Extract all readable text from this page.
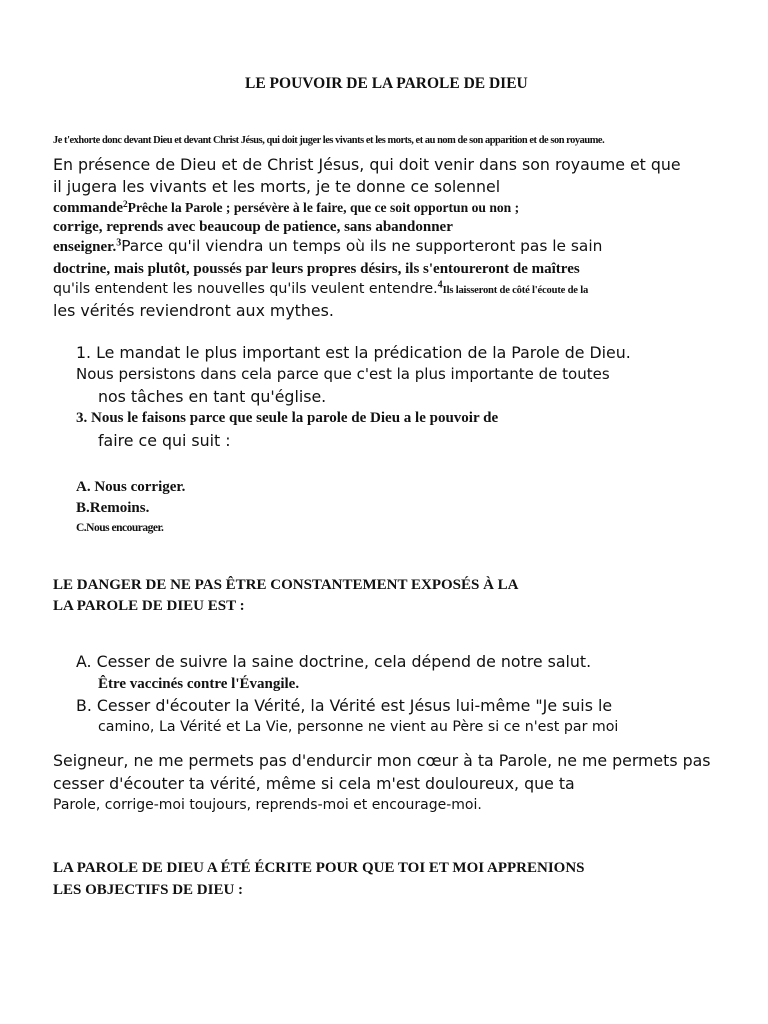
LE POUVOIR DE LA PAROLE DE DIEU
Je t'exhorte donc devant Dieu et devant Christ Jésus, qui doit juger les vivants et les morts, et au nom de son apparition et de son royaume.
En présence de Dieu et de Christ Jésus, qui doit venir dans son royaume et que
il jugera les vivants et les morts, je te donne ce solennel
commande$^2$Prêche la Parole ; persévère à le faire, que ce soit opportun ou non ;
corrige, reprends avec beaucoup de patience, sans abandonner
enseigner.$^3$Parce qu'il viendra un temps où ils ne supporteront pas le sain
doctrine, mais plutôt, poussés par leurs propres désirs, ils s'entoureront de maîtres
qu'ils entendent les nouvelles qu'ils veulent entendre.$^4$Ils laisseront de côté l'écoute de la
les vérités reviendront aux mythes.
1. Le mandat le plus important est la prédication de la Parole de Dieu.
Nous persistons dans cela parce que c'est la plus importante de toutes
nos tâches en tant qu'église.
3. Nous le faisons parce que seule la parole de Dieu a le pouvoir de
faire ce qui suit :
A. Nous corriger.
B.Remoins.
C.Nous encourager.
LE DANGER DE NE PAS ÊTRE CONSTANTEMENT EXPOSÉS À LA
LA PAROLE DE DIEU EST :
A. Cesser de suivre la saine doctrine, cela dépend de notre salut.
Être vaccinés contre l'Évangile.
B. Cesser d'écouter la Vérité, la Vérité est Jésus lui-même "Je suis le
camino, La Vérité et La Vie, personne ne vient au Père si ce n'est par moi
Seigneur, ne me permets pas d'endurcir mon cœur à ta Parole, ne me permets pas
cesser d'écouter ta vérité, même si cela m'est douloureux, que ta
Parole, corrige-moi toujours, reprends-moi et encourage-moi.
LA PAROLE DE DIEU A ÉTÉ ÉCRITE POUR QUE TOI ET MOI APPRENIONS
LES OBJECTIFS DE DIEU :
